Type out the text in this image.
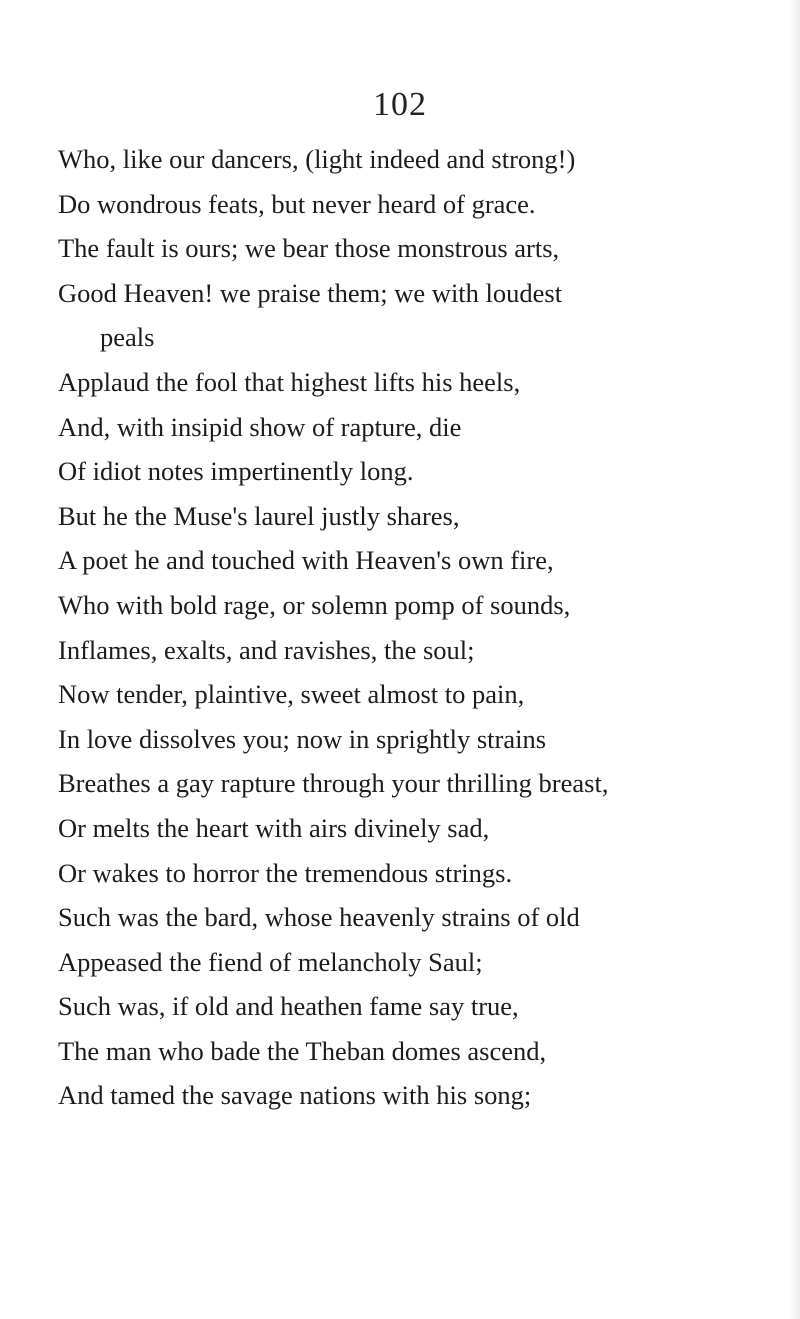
102
Who, like our dancers, (light indeed and strong!)
Do wondrous feats, but never heard of grace.
The fault is ours; we bear those monstrous arts,
Good Heaven! we praise them; we with loudest
peals
Applaud the fool that highest lifts his heels,
And, with insipid show of rapture, die
Of idiot notes impertinently long.
But he the Muse's laurel justly shares,
A poet he and touched with Heaven's own fire,
Who with bold rage, or solemn pomp of sounds,
Inflames, exalts, and ravishes, the soul;
Now tender, plaintive, sweet almost to pain,
In love dissolves you; now in sprightly strains
Breathes a gay rapture through your thrilling breast,
Or melts the heart with airs divinely sad,
Or wakes to horror the tremendous strings.
Such was the bard, whose heavenly strains of old
Appeased the fiend of melancholy Saul;
Such was, if old and heathen fame say true,
The man who bade the Theban domes ascend,
And tamed the savage nations with his song;
